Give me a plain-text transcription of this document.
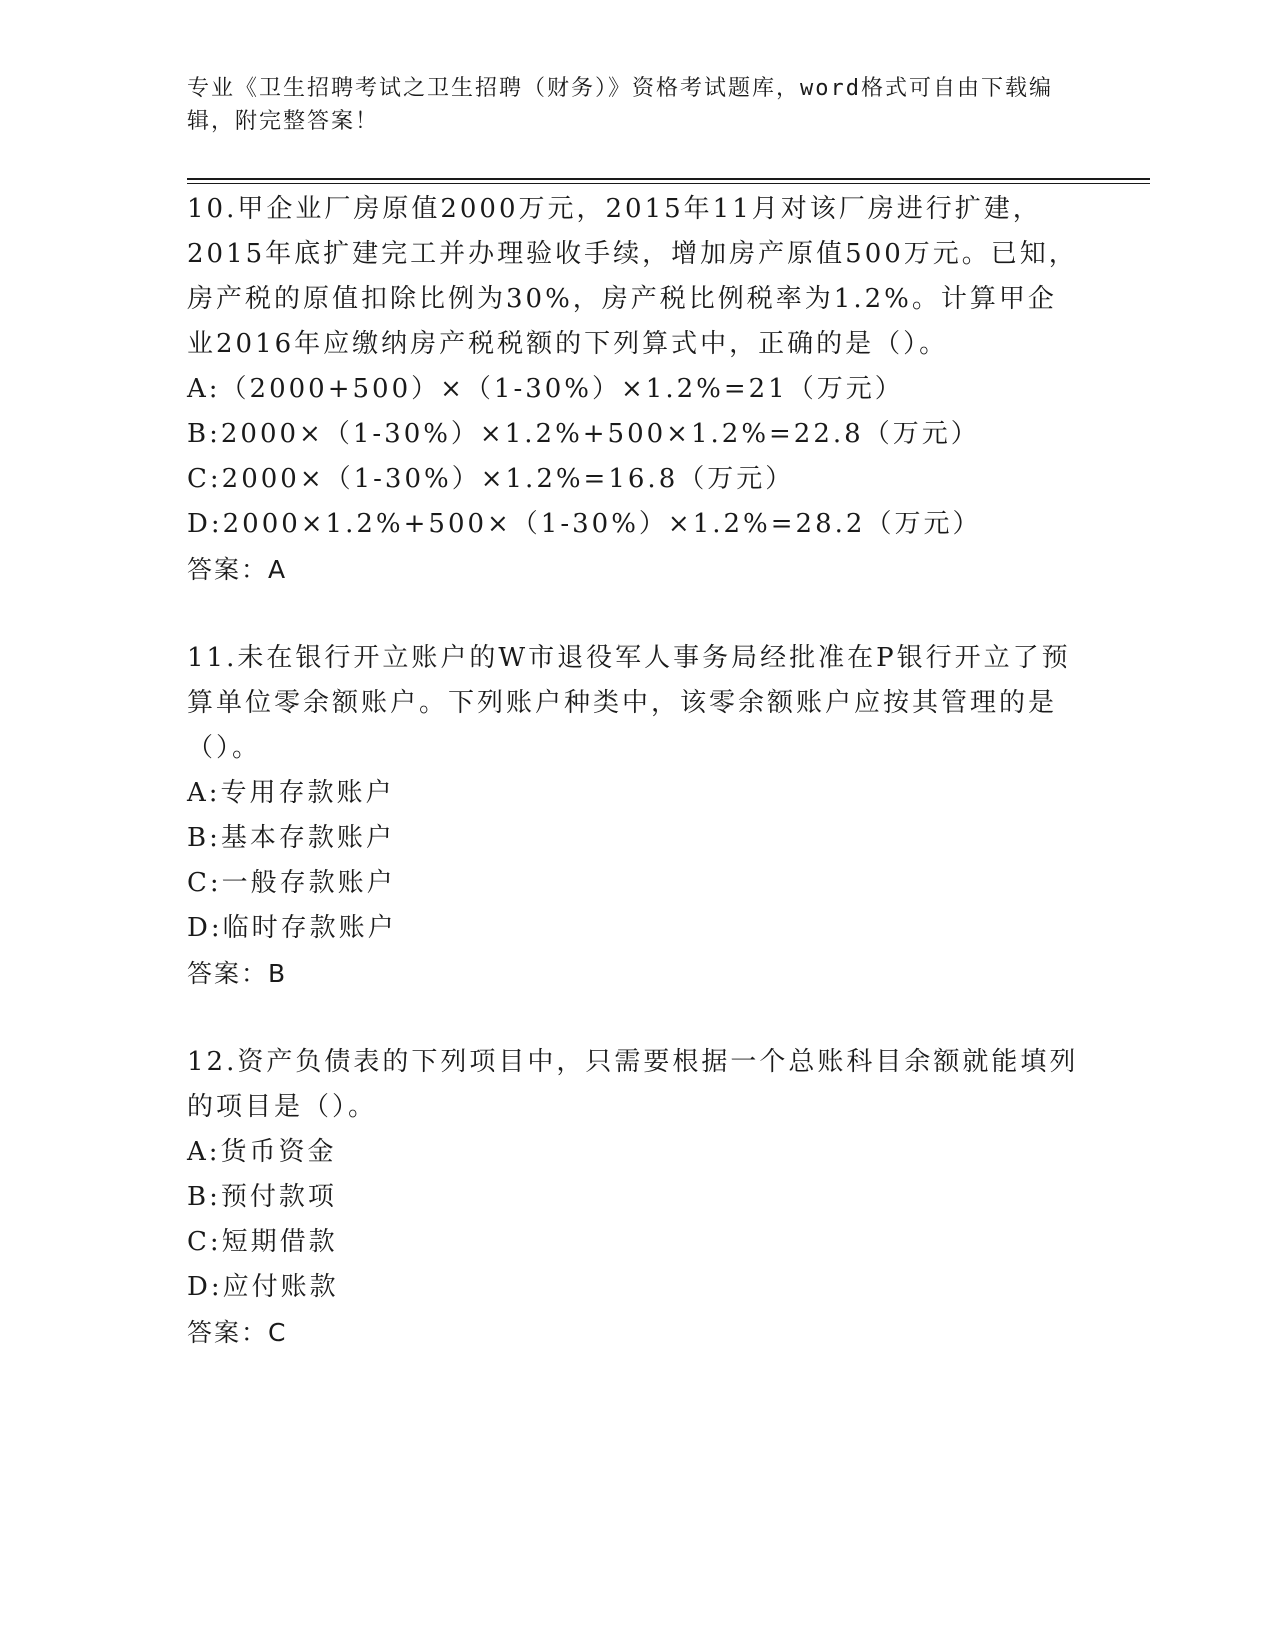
专业《卫生招聘考试之卫生招聘（财务）》资格考试题库，word格式可自由下载编辑，附完整答案！

10.甲企业厂房原值2000万元，2015年11月对该厂房进行扩建，2015年底扩建完工并办理验收手续，增加房产原值500万元。已知，房产税的原值扣除比例为30%，房产税比例税率为1.2%。计算甲企业2016年应缴纳房产税税额的下列算式中，正确的是（）。

A:（2000+500）×（1-30%）×1.2%=21（万元）
B:2000×（1-30%）×1.2%+500×1.2%=22.8（万元）
C:2000×（1-30%）×1.2%=16.8（万元）
D:2000×1.2%+500×（1-30%）×1.2%=28.2（万元）
答案：A

11.未在银行开立账户的W市退役军人事务局经批准在P银行开立了预算单位零余额账户。下列账户种类中，该零余额账户应按其管理的是（）。

A:专用存款账户
B:基本存款账户
C:一般存款账户
D:临时存款账户
答案：B

12.资产负债表的下列项目中，只需要根据一个总账科目余额就能填列的项目是（）。

A:货币资金
B:预付款项
C:短期借款
D:应付账款
答案：C
